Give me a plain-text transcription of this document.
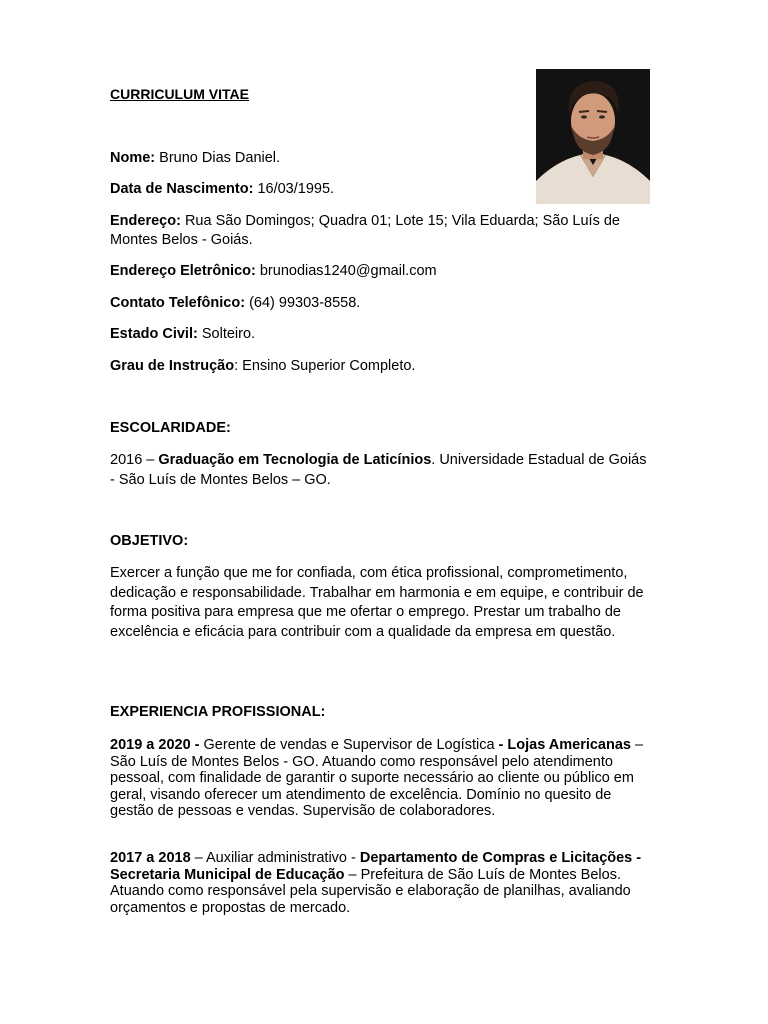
CURRICULUM VITAE

Nome: Bruno Dias Daniel.

Data de Nascimento: 16/03/1995.

Endereço: Rua São Domingos; Quadra 01; Lote 15; Vila Eduarda; São Luís de Montes Belos - Goiás.

Endereço Eletrônico: brunodias1240@gmail.com

Contato Telefônico: (64) 99303-8558.

Estado Civil: Solteiro.

Grau de Instrução: Ensino Superior Completo.

ESCOLARIDADE:

2016 – Graduação em Tecnologia de Laticínios. Universidade Estadual de Goiás - São Luís de Montes Belos – GO.

OBJETIVO:

Exercer a função que me for confiada, com ética profissional, comprometimento, dedicação e responsabilidade. Trabalhar em harmonia e em equipe, e contribuir de forma positiva para empresa que me ofertar o emprego. Prestar um trabalho de excelência e eficácia para contribuir com a qualidade da empresa em questão.

EXPERIENCIA PROFISSIONAL:

2019 a 2020 - Gerente de vendas e Supervisor de Logística - Lojas Americanas – São Luís de Montes Belos - GO. Atuando como responsável pelo atendimento pessoal, com finalidade de garantir o suporte necessário ao cliente ou público em geral, visando oferecer um atendimento de excelência. Domínio no quesito de gestão de pessoas e vendas. Supervisão de colaboradores.

2017 a 2018 – Auxiliar administrativo - Departamento de Compras e Licitações - Secretaria Municipal de Educação – Prefeitura de São Luís de Montes Belos. Atuando como responsável pela supervisão e elaboração de planilhas, avaliando orçamentos e propostas de mercado.
